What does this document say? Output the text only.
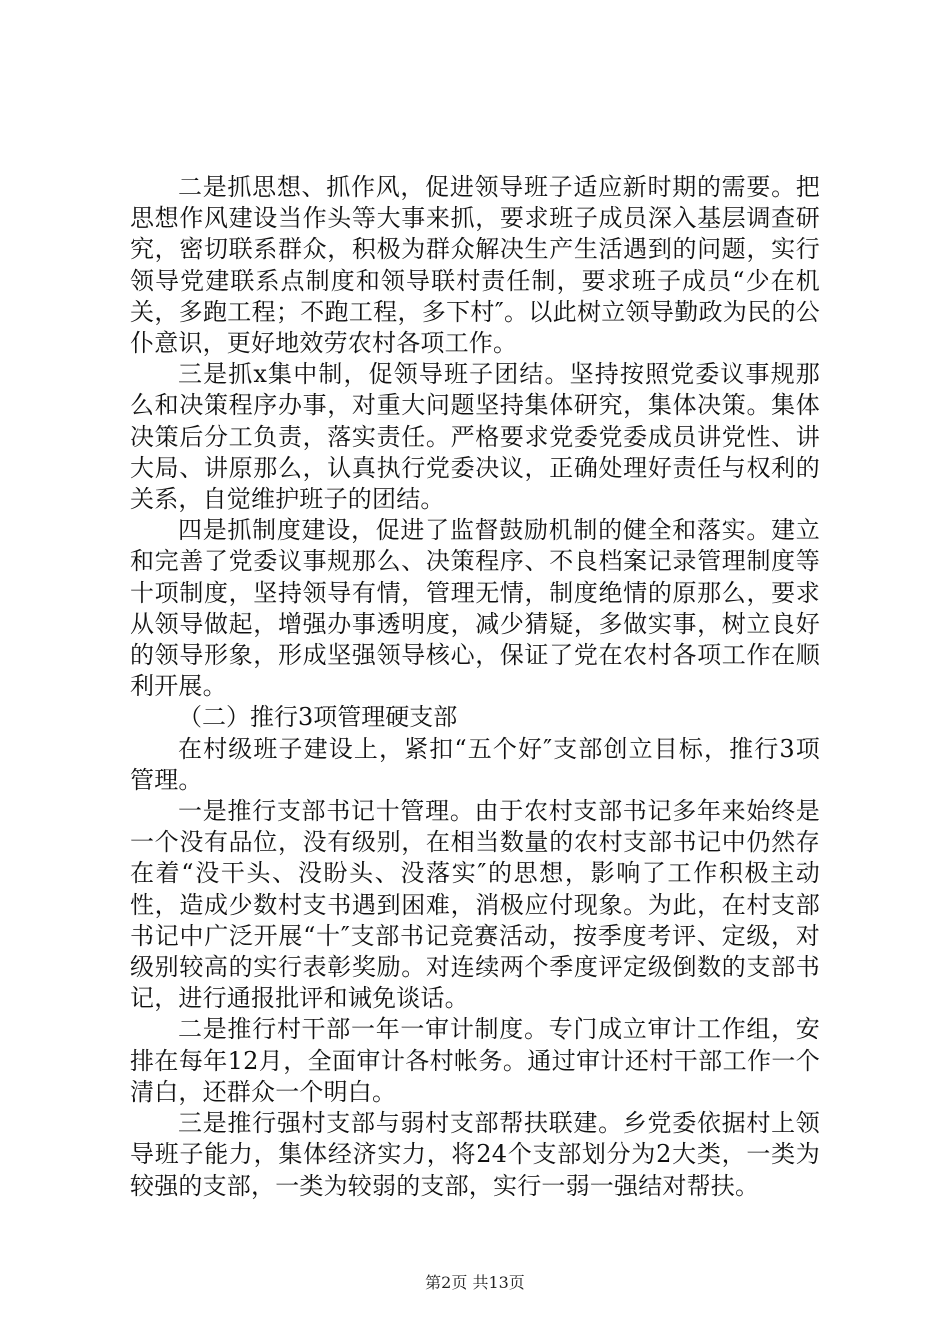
二是抓思想、抓作风，促进领导班子适应新时期的需要。把思想作风建设当作头等大事来抓，要求班子成员深入基层调查研究，密切联系群众，积极为群众解决生产生活遇到的问题，实行领导党建联系点制度和领导联村责任制，要求班子成员“少在机关，多跑工程；不跑工程，多下村″。以此树立领导勤政为民的公仆意识，更好地效劳农村各项工作。

三是抓x集中制，促领导班子团结。坚持按照党委议事规那么和决策程序办事，对重大问题坚持集体研究，集体决策。集体决策后分工负责，落实责任。严格要求党委党委成员讲党性、讲大局、讲原那么，认真执行党委决议，正确处理好责任与权利的关系，自觉维护班子的团结。

四是抓制度建设，促进了监督鼓励机制的健全和落实。建立和完善了党委议事规那么、决策程序、不良档案记录管理制度等十项制度，坚持领导有情，管理无情，制度绝情的原那么，要求从领导做起，增强办事透明度，减少猜疑，多做实事，树立良好的领导形象，形成坚强领导核心，保证了党在农村各项工作在顺利开展。

（二）推行3项管理硬支部

在村级班子建设上，紧扣“五个好″支部创立目标，推行3项管理。

一是推行支部书记十管理。由于农村支部书记多年来始终是一个没有品位，没有级别，在相当数量的农村支部书记中仍然存在着“没干头、没盼头、没落实″的思想，影响了工作积极主动性，造成少数村支书遇到困难，消极应付现象。为此，在村支部书记中广泛开展“十″支部书记竞赛活动，按季度考评、定级，对级别较高的实行表彰奖励。对连续两个季度评定级倒数的支部书记，进行通报批评和诫免谈话。

二是推行村干部一年一审计制度。专门成立审计工作组，安排在每年12月，全面审计各村帐务。通过审计还村干部工作一个清白，还群众一个明白。

三是推行强村支部与弱村支部帮扶联建。乡党委依据村上领导班子能力，集体经济实力，将24个支部划分为2大类，一类为较强的支部，一类为较弱的支部，实行一弱一强结对帮扶。

第2页 共13页
